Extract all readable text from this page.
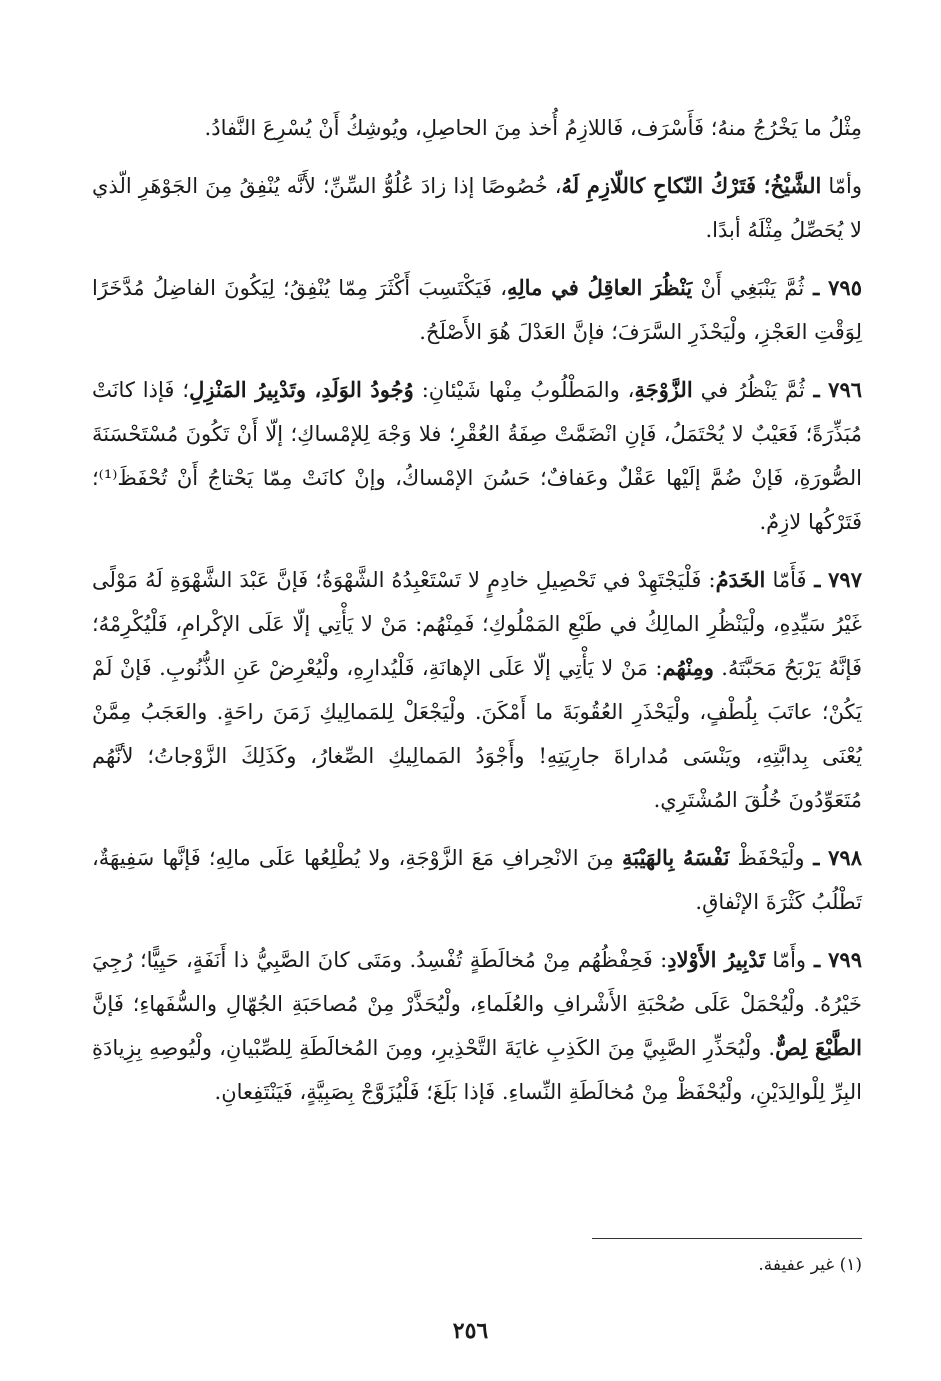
مِثْلُ ما يَخْرُجُ منهُ؛ فَأَسْرَف، فَاللازِمُ أُخذ مِنَ الحاصِلِ، ويُوشِكُ أَنْ يُسْرِعَ النَّفادُ.

وأمّا الشَّيْخُ؛ فَتَرْكُ النّكاحِ كاللّازِمِ لَهُ، خُصُوصًا إذا زادَ عُلُوُّ السِّنِّ؛ لأَنَّه يُنْفِقُ مِنَ الجَوْهَرِ الّذي لا يُحَصِّلُ مِثْلَهُ أبدًا.

٧٩٥ ـ ثُمَّ يَنْبَغِي أَنْ يَنْظُرَ العاقِلُ في مالِهِ، فَيَكْتَسِبَ أَكْثَرَ مِمّا يُنْفِقُ؛ لِيَكُونَ الفاضِلُ مُدَّخَرًا لِوَقْتِ العَجْزِ، ولْيَحْذَرِ السَّرَفَ؛ فإنَّ العَدْلَ هُوَ الأَصْلَحُ.

٧٩٦ ـ ثُمَّ يَنْظُرُ في الزَّوْجَةِ، والمَطْلُوبُ مِنْها شَيْئانِ: وُجُودُ الوَلَدِ، وتَدْبِيرُ المَنْزِلِ؛ فَإذا كانَتْ مُبَذِّرَةً؛ فَعَيْبٌ لا يُحْتَمَلُ، فَإنِ انْضَمَّتْ صِفَةُ العُقْرِ؛ فلا وَجْهَ لِلإمْساكِ؛ إلّا أَنْ تَكُونَ مُسْتَحْسَنَةَ الصُّورَةِ، فَإنْ ضُمَّ إلَيْها عَقْلٌ وعَفافٌ؛ حَسُنَ الإمْساكُ، وإنْ كانَتْ مِمّا يَحْتاجُ أَنْ تُحْفَظَ⁽¹⁾؛ فَتَرْكُها لازِمٌ.

٧٩٧ ـ فَأَمّا الخَدَمُ: فَلْيَجْتَهِدْ في تَحْصِيلِ خادِمٍ لا تَسْتَعْبِدُهُ الشَّهْوَةُ؛ فَإنَّ عَبْدَ الشَّهْوَةِ لَهُ مَوْلًى غَيْرُ سَيِّدِهِ، ولْيَنْظُرِ المالِكُ في طَبْعِ المَمْلُوكِ؛ فَمِنْهُم: مَنْ لا يَأْتِي إلّا عَلَى الإكْرامِ، فَلْيُكْرِمْهُ؛ فَإنَّهُ يَرْبَحُ مَحَبَّتَهُ. ومِنْهُم: مَنْ لا يَأْتِي إلّا عَلَى الإهانَةِ، فَلْيُدارِهِ، ولْيُعْرِضْ عَنِ الذُّنُوبِ. فَإنْ لَمْ يَكُنْ؛ عاتَبَ بِلُطْفٍ، ولْيَحْذَرِ العُقُوبَةَ ما أَمْكَنَ. ولْيَجْعَلْ لِلمَمالِيكِ زَمَنَ راحَةٍ. والعَجَبُ مِمَّنْ يُعْنَى بِدابَّتِهِ، ويَنْسَى مُداراةَ جارِيَتِهِ! وأَجْوَدُ المَمالِيكِ الصِّغارُ، وكَذَلِكَ الزَّوْجاتُ؛ لأنَّهُم مُتَعَوِّدُونَ خُلُقَ المُشْتَرِي.

٧٩٨ ـ ولْيَحْفَظْ نَفْسَهُ بِالهَيْبَةِ مِنَ الانْحِرافِ مَعَ الزَّوْجَةِ، ولا يُطْلِعُها عَلَى مالِهِ؛ فَإنَّها سَفِيهَةٌ، تَطْلُبُ كَثْرَةَ الإنْفاقِ.

٧٩٩ ـ وأَمّا تَدْبِيرُ الأَوْلادِ: فَحِفْظُهُم مِنْ مُخالَطَةٍ تُفْسِدُ. ومَتَى كانَ الصَّبِيُّ ذا أَنَفَةٍ، حَيِيًّا؛ رُجِيَ خَيْرُهُ. ولْيُحْمَلْ عَلَى صُحْبَةِ الأَشْرافِ والعُلَماءِ، ولْيُحَذَّرْ مِنْ مُصاحَبَةِ الجُهّالِ والسُّفَهاءِ؛ فَإنَّ الطَّبْعَ لِصٌّ. ولْيُحَذِّرِ الصَّبِيَّ مِنَ الكَذِبِ غايَةَ التَّحْذِيرِ، ومِنَ المُخالَطَةِ لِلصِّبْيانِ، ولْيُوصِهِ بِزِيادَةِ البِرِّ لِلْوالِدَيْنِ، ولْيُحْفَظْ مِنْ مُخالَطَةِ النِّساءِ. فَإذا بَلَغَ؛ فَلْيُزَوَّجْ بِصَبِيَّةٍ، فَيَنْتَفِعانِ.

(١) غير عفيفة.
٢٥٦
